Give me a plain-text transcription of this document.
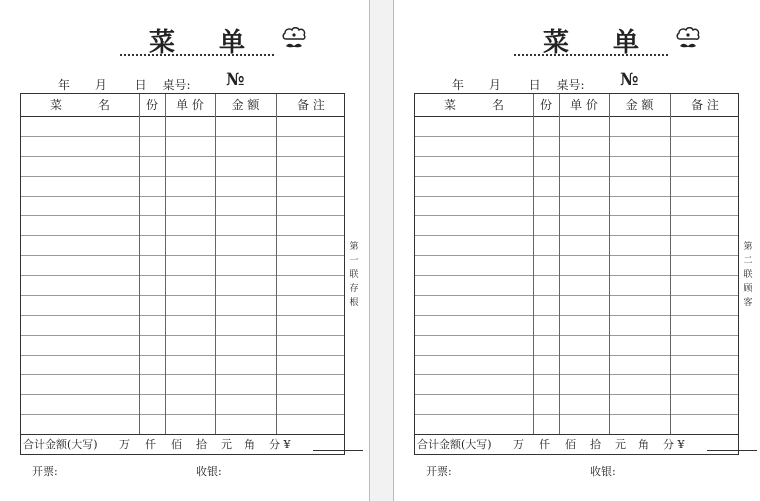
菜 单
年 月 日 桌号: №
菜　　　名	份	单 价	金 额	备 注
合计金额(大写) 万 仟 佰 拾 元 角 分 ¥
开票:	收银:
第
一
联
存
根
菜 单
年 月 日 桌号: №
菜　　　名	份	单 价	金 额	备 注
合计金额(大写) 万 仟 佰 拾 元 角 分 ¥
开票:	收银:
第
二
联
顾
客
